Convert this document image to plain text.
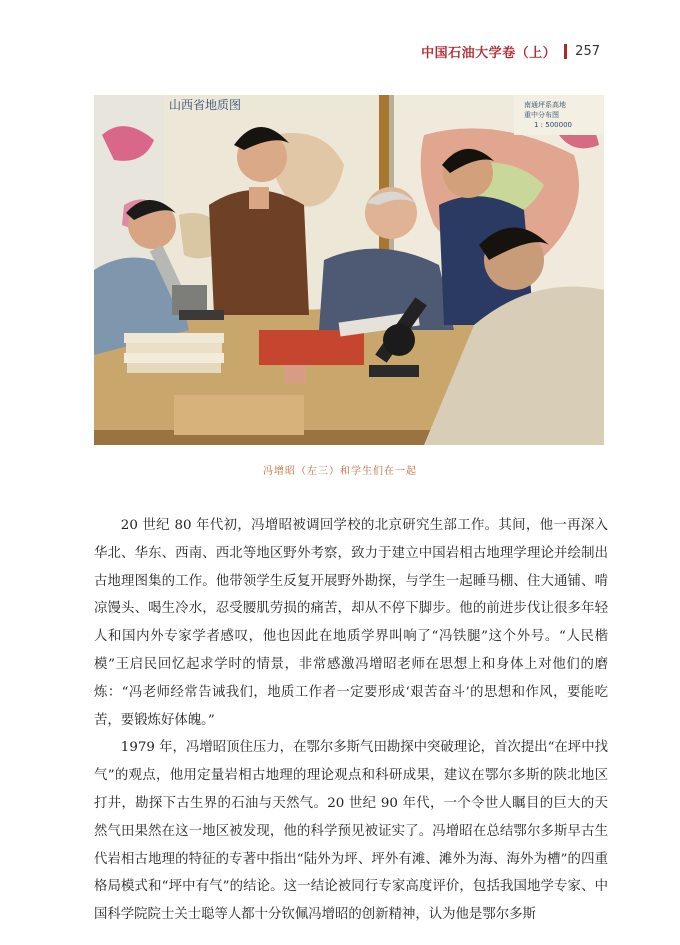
中国石油大学卷（上） 257
山西省地质图	南通坪系高地
重中分布图
1 : 500000
冯增昭（左三）和学生们在一起

20 世纪 80 年代初，冯增昭被调回学校的北京研究生部工作。其间，他一再深入华北、华东、西南、西北等地区野外考察，致力于建立中国岩相古地理学理论并绘制出古地理图集的工作。他带领学生反复开展野外勘探，与学生一起睡马棚、住大通铺、啃凉馒头、喝生冷水，忍受腰肌劳损的痛苦，却从不停下脚步。他的前进步伐让很多年轻人和国内外专家学者感叹，他也因此在地质学界叫响了“冯铁腿”这个外号。“人民楷模”王启民回忆起求学时的情景，非常感激冯增昭老师在思想上和身体上对他们的磨炼：“冯老师经常告诫我们，地质工作者一定要形成‘艰苦奋斗’的思想和作风，要能吃苦，要锻炼好体魄。”

1979 年，冯增昭顶住压力，在鄂尔多斯气田勘探中突破理论，首次提出“在坪中找气”的观点，他用定量岩相古地理的理论观点和科研成果，建议在鄂尔多斯的陕北地区打井，勘探下古生界的石油与天然气。20 世纪 90 年代，一个令世人瞩目的巨大的天然气田果然在这一地区被发现，他的科学预见被证实了。冯增昭在总结鄂尔多斯早古生代岩相古地理的特征的专著中指出“陆外为坪、坪外有滩、滩外为海、海外为槽”的四重格局模式和“坪中有气”的结论。这一结论被同行专家高度评价，包括我国地学专家、中国科学院院士关士聪等人都十分钦佩冯增昭的创新精神，认为他是鄂尔多斯
